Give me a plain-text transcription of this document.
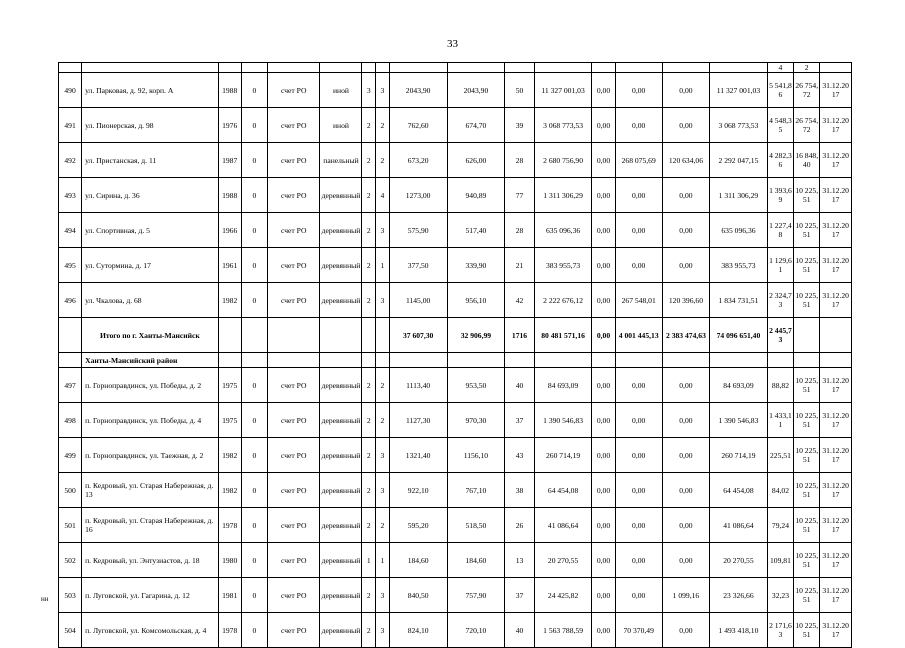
33
																4	2	
490	ул. Парковая, д. 92, корп. А	1988	0	счет РО	иной	3	3	2043,90	2043,90	50	11 327 001,03	0,00	0,00	0,00	11 327 001,03	5 541,86	26 754,72	31.12.2017
491	ул. Пионерская, д. 98	1976	0	счет РО	иной	2	2	762,60	674,70	39	3 068 773,53	0,00	0,00	0,00	3 068 773,53	4 548,35	26 754,72	31.12.2017
492	ул. Пристанская, д. 11	1987	0	счет РО	панельный	2	2	673,20	626,00	28	2 680 756,90	0,00	268 075,69	120 634,06	2 292 047,15	4 282,36	16 848,40	31.12.2017
493	ул. Сирина, д. 36	1988	0	счет РО	деревянный	2	4	1273,00	940,89	77	1 311 306,29	0,00	0,00	0,00	1 311 306,29	1 393,69	10 225,51	31.12.2017
494	ул. Спортивная, д. 5	1966	0	счет РО	деревянный	2	3	575,90	517,40	28	635 096,36	0,00	0,00	0,00	635 096,36	1 227,48	10 225,51	31.12.2017
495	ул. Сутормина, д. 17	1961	0	счет РО	деревянный	2	1	377,50	339,90	21	383 955,73	0,00	0,00	0,00	383 955,73	1 129,61	10 225,51	31.12.2017
496	ул. Чкалова, д. 68	1982	0	счет РО	деревянный	2	3	1145,00	956,10	42	2 222 676,12	0,00	267 548,01	120 396,60	1 834 731,51	2 324,73	10 225,51	31.12.2017
	Итого по г. Ханты-Мансийск							37 607,30	32 906,99	1716	80 481 571,16	0,00	4 001 445,13	2 383 474,63	74 096 651,40	2 445,73		
	Ханты-Мансийский район																	
497	п. Горноправдинск, ул. Победы, д. 2	1975	0	счет РО	деревянный	2	2	1113,40	953,50	40	84 693,09	0,00	0,00	0,00	84 693,09	88,82	10 225,51	31.12.2017
498	п. Горноправдинск, ул. Победы, д. 4	1975	0	счет РО	деревянный	2	2	1127,30	970,30	37	1 390 546,83	0,00	0,00	0,00	1 390 546,83	1 433,11	10 225,51	31.12.2017
499	п. Горноправдинск, ул. Таежная, д. 2	1982	0	счет РО	деревянный	2	3	1321,40	1156,10	43	260 714,19	0,00	0,00	0,00	260 714,19	225,51	10 225,51	31.12.2017
500	п. Кедровый, ул. Старая Набережная, д. 13	1982	0	счет РО	деревянный	2	3	922,10	767,10	38	64 454,08	0,00	0,00	0,00	64 454,08	84,02	10 225,51	31.12.2017
501	п. Кедровый, ул. Старая Набережная, д. 16	1978	0	счет РО	деревянный	2	2	595,20	518,50	26	41 086,64	0,00	0,00	0,00	41 086,64	79,24	10 225,51	31.12.2017
502	п. Кедровый, ул. Энтузиастов, д. 18	1980	0	счет РО	деревянный	1	1	184,60	184,60	13	20 270,55	0,00	0,00	0,00	20 270,55	109,81	10 225,51	31.12.2017
503	п. Луговской, ул. Гагарина, д. 12	1981	0	счет РО	деревянный	2	3	840,50	757,90	37	24 425,82	0,00	0,00	1 099,16	23 326,66	32,23	10 225,51	31.12.2017
504	п. Луговской, ул. Комсомольская, д. 4	1978	0	счет РО	деревянный	2	3	824,10	720,10	40	1 563 788,59	0,00	70 370,49	0,00	1 493 418,10	2 171,63	10 225,51	31.12.2017
нн
